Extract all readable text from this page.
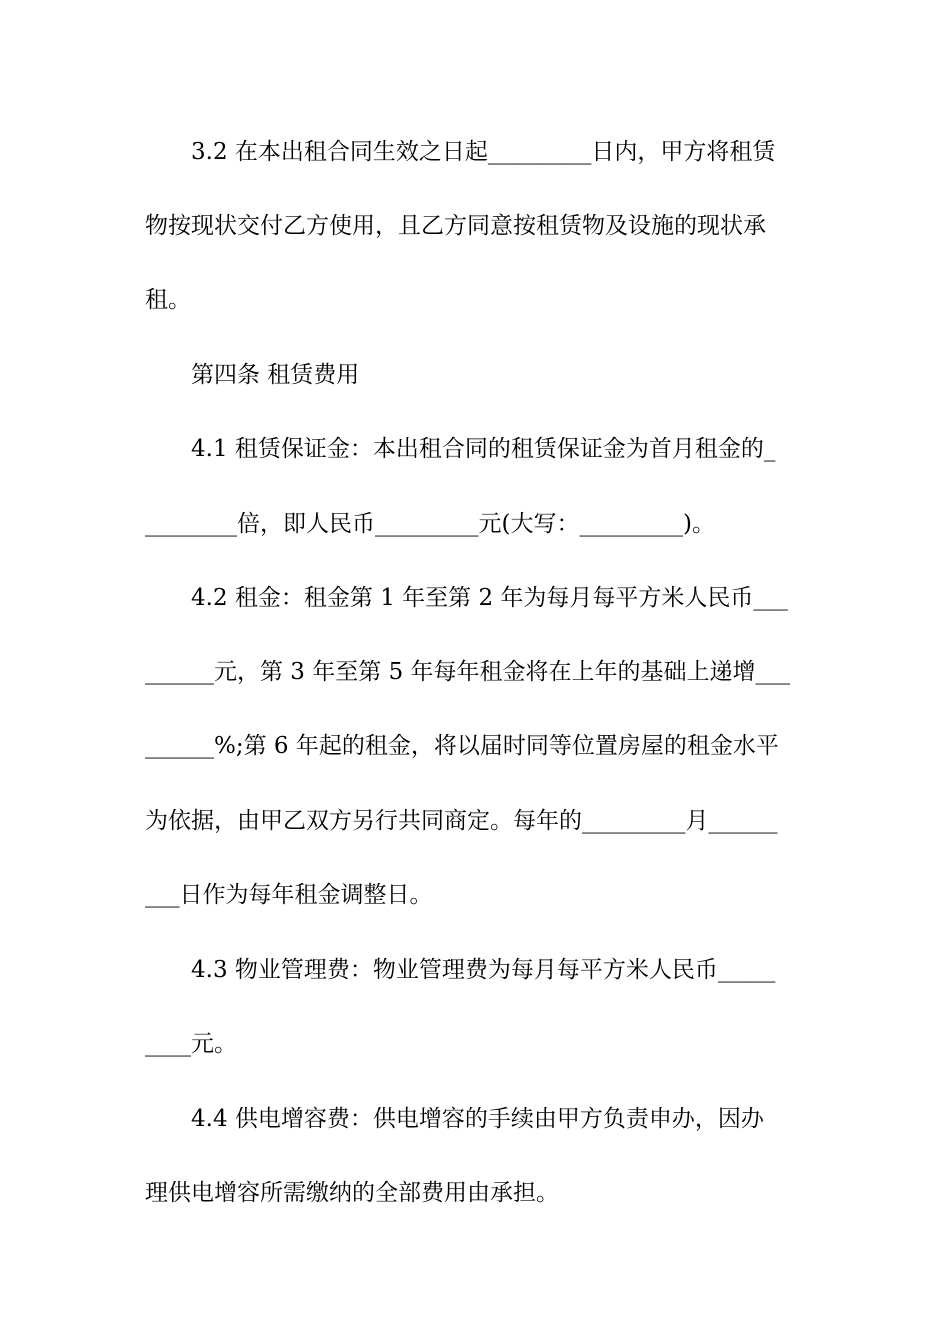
3.2 在本出租合同生效之日起_________日内，甲方将租赁
物按现状交付乙方使用，且乙方同意按租赁物及设施的现状承
租。
第四条 租赁费用
4.1 租赁保证金：本出租合同的租赁保证金为首月租金的_
________倍，即人民币_________元(大写：_________)。
4.2 租金：租金第 1 年至第 2 年为每月每平方米人民币___
______元，第 3 年至第 5 年每年租金将在上年的基础上递增___
______%;第 6 年起的租金，将以届时同等位置房屋的租金水平
为依据，由甲乙双方另行共同商定。每年的_________月______
___日作为每年租金调整日。
4.3 物业管理费：物业管理费为每月每平方米人民币_____
____元。
4.4 供电增容费：供电增容的手续由甲方负责申办，因办
理供电增容所需缴纳的全部费用由承担。
